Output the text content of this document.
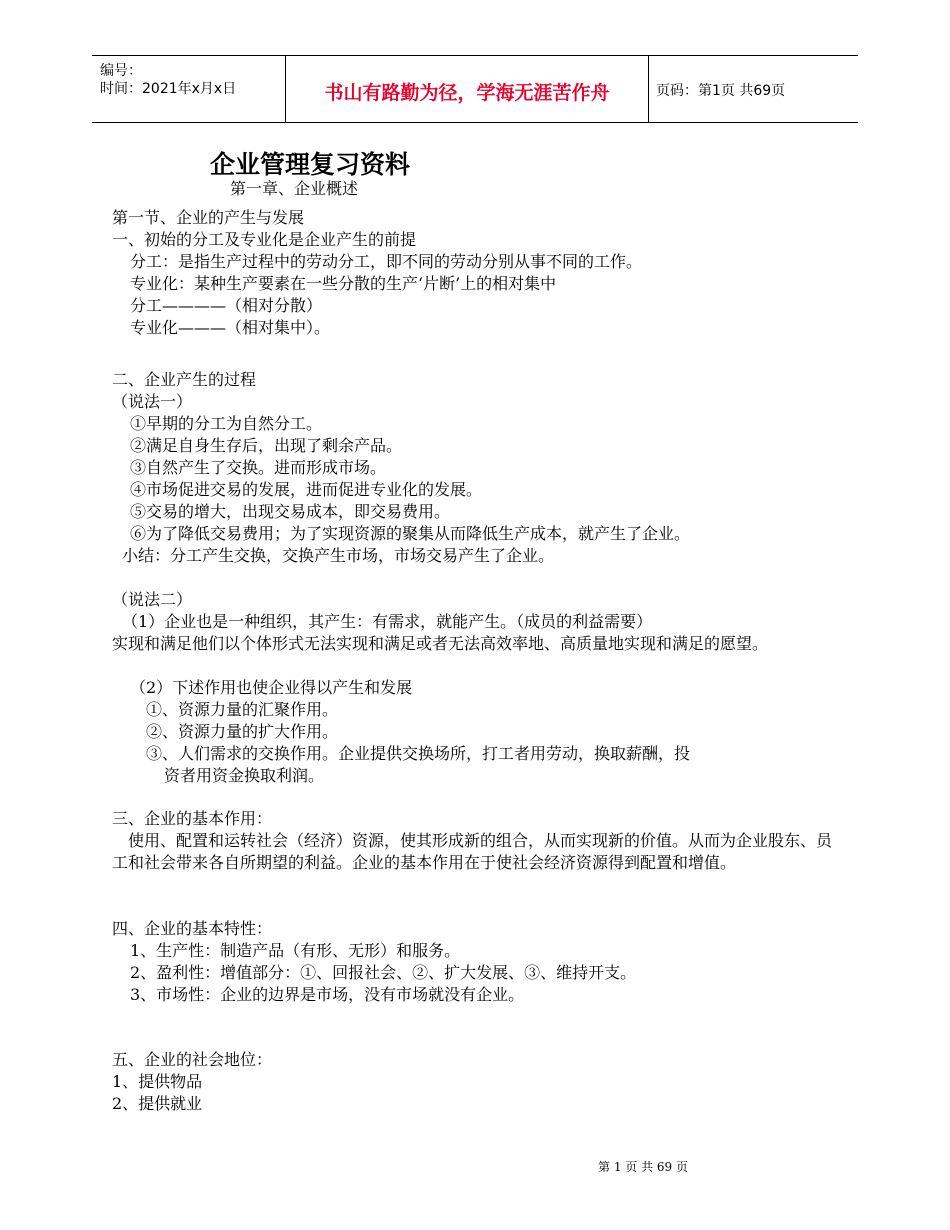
编号：
时间：2021年x月x日	书山有路勤为径，学海无涯苦作舟	页码：第1页 共69页
企业管理复习资料
第一章、企业概述
第一节、企业的产生与发展
一、初始的分工及专业化是企业产生的前提
分工：是指生产过程中的劳动分工，即不同的劳动分别从事不同的工作。
专业化：某种生产要素在一些分散的生产‘片断’上的相对集中
分工————（相对分散）
专业化———（相对集中）。
二、企业产生的过程
（说法一）
①早期的分工为自然分工。
②满足自身生存后，出现了剩余产品。
③自然产生了交换。进而形成市场。
④市场促进交易的发展，进而促进专业化的发展。
⑤交易的增大，出现交易成本，即交易费用。
⑥为了降低交易费用；为了实现资源的聚集从而降低生产成本，就产生了企业。
小结：分工产生交换，交换产生市场，市场交易产生了企业。
（说法二）
（1）企业也是一种组织，其产生：有需求，就能产生。（成员的利益需要）
实现和满足他们以个体形式无法实现和满足或者无法高效率地、高质量地实现和满足的愿望。
（2）下述作用也使企业得以产生和发展
①、资源力量的汇聚作用。
②、资源力量的扩大作用。
③、人们需求的交换作用。企业提供交换场所，打工者用劳动，换取薪酬，投
资者用资金换取利润。
三、企业的基本作用：
使用、配置和运转社会（经济）资源，使其形成新的组合，从而实现新的价值。从而为企业股东、员工和社会带来各自所期望的利益。企业的基本作用在于使社会经济资源得到配置和增值。
四、企业的基本特性：
1、生产性：制造产品（有形、无形）和服务。
2、盈利性：增值部分：①、回报社会、②、扩大发展、③、维持开支。
3、市场性：企业的边界是市场，没有市场就没有企业。
五、企业的社会地位：
1、提供物品
2、提供就业
第 1 页 共 69 页
